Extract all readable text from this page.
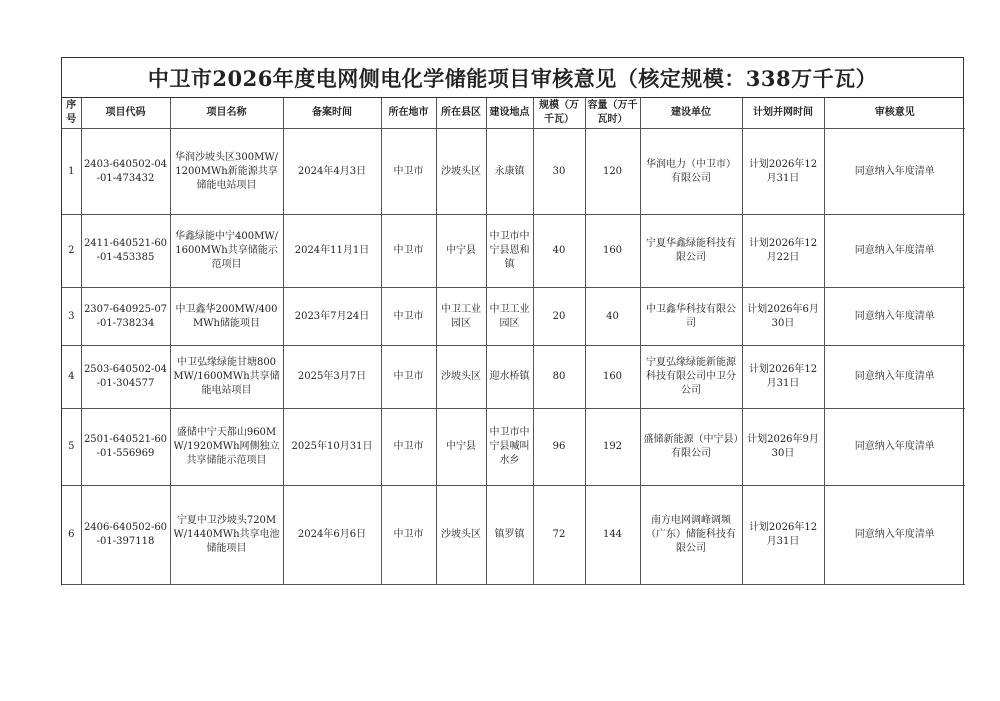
中卫市2026年度电网侧电化学储能项目审核意见（核定规模：338万千瓦）
序号	项目代码	项目名称	备案时间	所在地市	所在县区	建设地点	规模（万千瓦）	容量（万千瓦时）	建设单位	计划并网时间	审核意见
1	2403-640502-04-01-473432	华润沙坡头区300MW/1200MWh新能源共享储能电站项目	2024年4月3日	中卫市	沙坡头区	永康镇	30	120	华润电力（中卫市）有限公司	计划2026年12月31日	同意纳入年度清单
2	2411-640521-60-01-453385	华鑫绿能中宁400MW/1600MWh共享储能示范项目	2024年11月1日	中卫市	中宁县	中卫市中宁县恩和镇	40	160	宁夏华鑫绿能科技有限公司	计划2026年12月22日	同意纳入年度清单
3	2307-640925-07-01-738234	中卫鑫华200MW/400MWh储能项目	2023年7月24日	中卫市	中卫工业园区	中卫工业园区	20	40	中卫鑫华科技有限公司	计划2026年6月30日	同意纳入年度清单
4	2503-640502-04-01-304577	中卫弘缘绿能甘塘800MW/1600MWh共享储能电站项目	2025年3月7日	中卫市	沙坡头区	迎水桥镇	80	160	宁夏弘缘绿能新能源科技有限公司中卫分公司	计划2026年12月31日	同意纳入年度清单
5	2501-640521-60-01-556969	盛储中宁天都山960MW/1920MWh网侧独立共享储能示范项目	2025年10月31日	中卫市	中宁县	中卫市中宁县喊叫水乡	96	192	盛储新能源（中宁县）有限公司	计划2026年9月30日	同意纳入年度清单
6	2406-640502-60-01-397118	宁夏中卫沙坡头720MW/1440MWh共享电池储能项目	2024年6月6日	中卫市	沙坡头区	镇罗镇	72	144	南方电网调峰调频（广东）储能科技有限公司	计划2026年12月31日	同意纳入年度清单
